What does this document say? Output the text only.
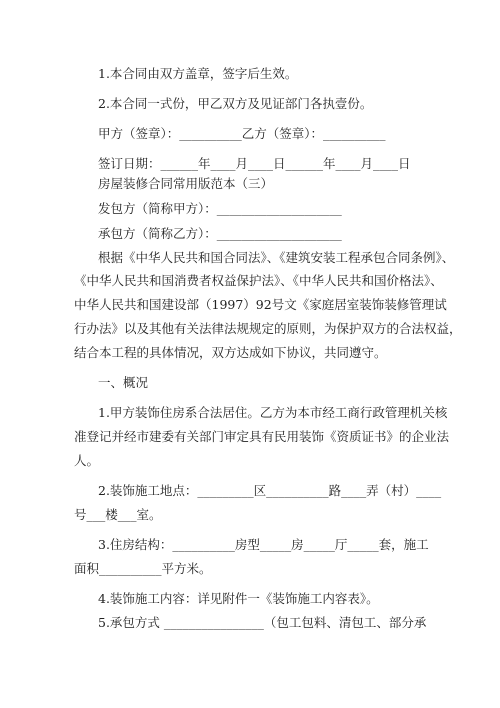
1.本合同由双方盖章，签字后生效。
2.本合同一式份，甲乙双方及见证部门各执壹份。
甲方（签章）：__________乙方（签章）：__________
签订日期：______年____月____日______年____月____日
房屋装修合同常用版范本（三）
发包方（简称甲方）：____________________
承包方（简称乙方）：____________________
根据《中华人民共和国合同法》、《建筑安装工程承包合同条例》、
《中华人民共和国消费者权益保护法》、《中华人民共和国价格法》、
中华人民共和国建设部（1997）92号文《家庭居室装饰装修管理试
行办法》以及其他有关法律法规规定的原则，为保护双方的合法权益，
结合本工程的具体情况，双方达成如下协议，共同遵守。
一、概况
1.甲方装饰住房系合法居住。乙方为本市经工商行政管理机关核
准登记并经市建委有关部门审定具有民用装饰《资质证书》的企业法
人。
2.装饰施工地点：_________区__________路____弄（村）____
号___楼___室。
3.住房结构：__________房型_____房_____厅_____套，施工
面积__________平方米。
4.装饰施工内容：详见附件一《装饰施工内容表》。
5.承包方式 ________________（包工包料、清包工、部分承
